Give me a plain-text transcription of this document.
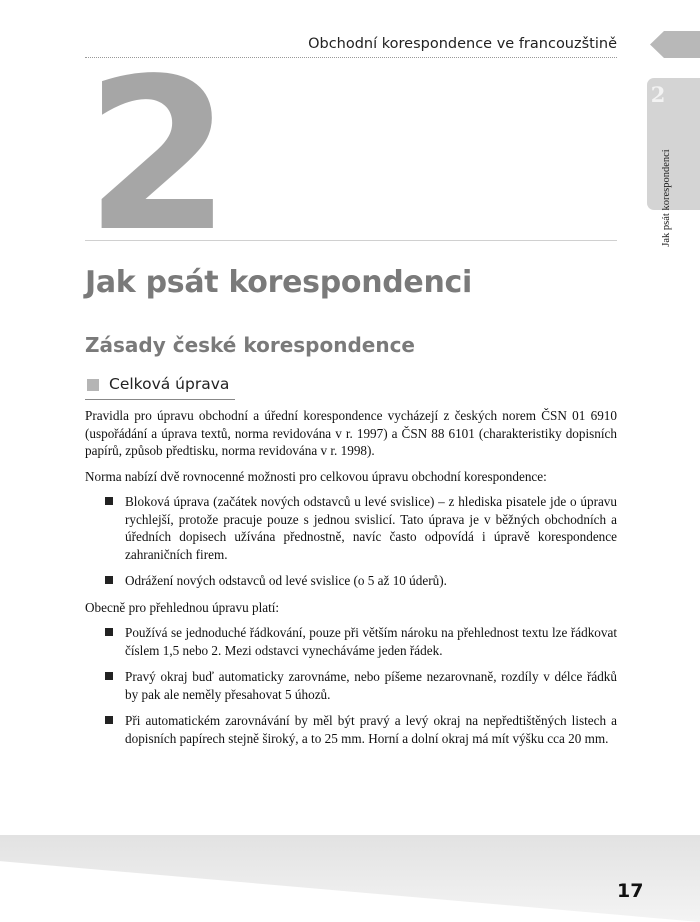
Obchodní korespondence ve francouzštině
2
Jak psát korespondenci
2
Jak psát korespondenci
Zásady české korespondence
Celková úprava

Pravidla pro úpravu obchodní a úřední korespondence vycházejí z českých norem ČSN 01 6910 (uspořádání a úprava textů, norma revidována v r. 1997) a ČSN 88 6101 (charakteristiky dopisních papírů, způsob předtisku, norma revidována v r. 1998).

Norma nabízí dvě rovnocenné možnosti pro celkovou úpravu obchodní korespondence:

Bloková úprava (začátek nových odstavců u levé svislice) – z hlediska pisatele jde o úpravu rychlejší, protože pracuje pouze s jednou svislicí. Tato úprava je v běžných obchodních a úředních dopisech užívána přednostně, navíc často odpovídá i úpravě korespondence zahraničních firem.
Odrážení nových odstavců od levé svislice (o 5 až 10 úderů).

Obecně pro přehlednou úpravu platí:

Používá se jednoduché řádkování, pouze při větším nároku na přehlednost textu lze řádkovat číslem 1,5 nebo 2. Mezi odstavci vynecháváme jeden řádek.
Pravý okraj buď automaticky zarovnáme, nebo píšeme nezarovnaně, rozdíly v délce řádků by pak ale neměly přesahovat 5 úhozů.
Při automatickém zarovnávání by měl být pravý a levý okraj na nepředtištěných listech a dopisních papírech stejně široký, a to 25 mm. Horní a dolní okraj má mít výšku cca 20 mm.
17
